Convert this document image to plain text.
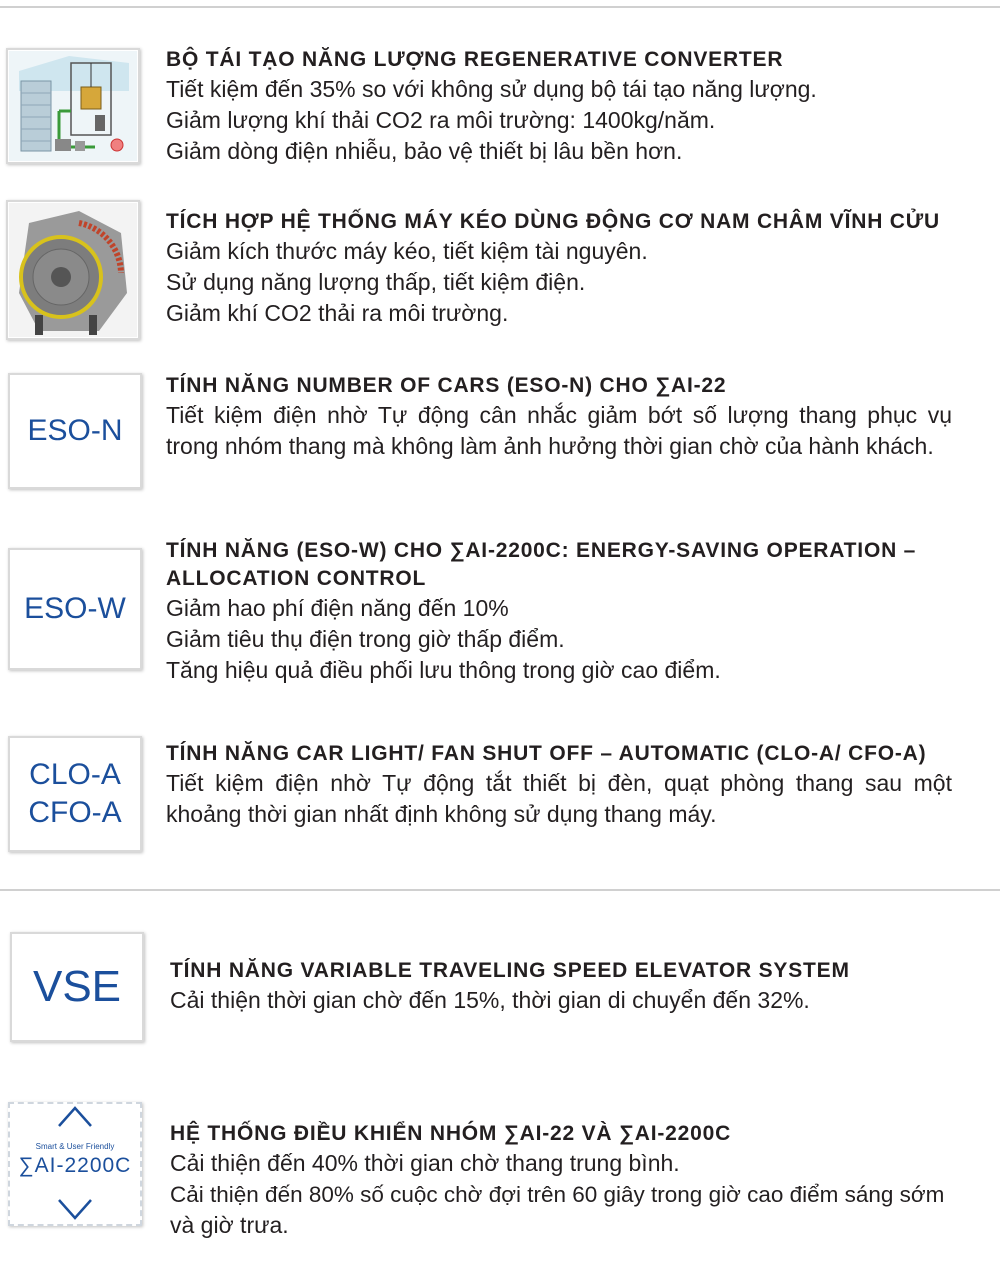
BỘ TÁI TẠO NĂNG LƯỢNG REGENERATIVE CONVERTER
Tiết kiệm đến 35% so với không sử dụng bộ tái tạo năng lượng.
Giảm lượng khí thải CO2 ra môi trường: 1400kg/năm.
Giảm dòng điện nhiễu, bảo vệ thiết bị lâu bền hơn.
TÍCH HỢP HỆ THỐNG MÁY KÉO DÙNG ĐỘNG CƠ NAM CHÂM VĨNH CỬU
Giảm kích thước máy kéo, tiết kiệm tài nguyên.
Sử dụng năng lượng thấp, tiết kiệm điện.
Giảm khí CO2 thải ra môi trường.
ESO-N
TÍNH NĂNG NUMBER OF CARS (ESO-N) CHO ∑AI-22
Tiết kiệm điện nhờ Tự động cân nhắc giảm bớt số lượng thang phục vụ trong nhóm thang mà không làm ảnh hưởng thời gian chờ của hành khách.
ESO-W
TÍNH NĂNG (ESO-W) CHO ∑AI-2200C: ENERGY-SAVING OPERATION – ALLOCATION CONTROL
Giảm hao phí điện năng đến 10%
Giảm tiêu thụ điện trong giờ thấp điểm.
Tăng hiệu quả điều phối lưu thông trong giờ cao điểm.
CLO-A
CFO-A
TÍNH NĂNG CAR LIGHT/ FAN SHUT OFF – AUTOMATIC (CLO-A/ CFO-A)
Tiết kiệm điện nhờ Tự động tắt thiết bị đèn, quạt phòng thang sau một khoảng thời gian nhất định không sử dụng thang máy.
VSE TÍNH NĂNG VARIABLE TRAVELING SPEED ELEVATOR SYSTEM
Cải thiện thời gian chờ đến 15%, thời gian di chuyển đến 32%.
Smart & User Friendly
∑AI-2200C
HỆ THỐNG ĐIỀU KHIỂN NHÓM ∑AI-22 VÀ ∑AI-2200C
Cải thiện đến 40% thời gian chờ thang trung bình.
Cải thiện đến 80% số cuộc chờ đợi trên 60 giây trong giờ cao điểm sáng sớm
và giờ trưa.
